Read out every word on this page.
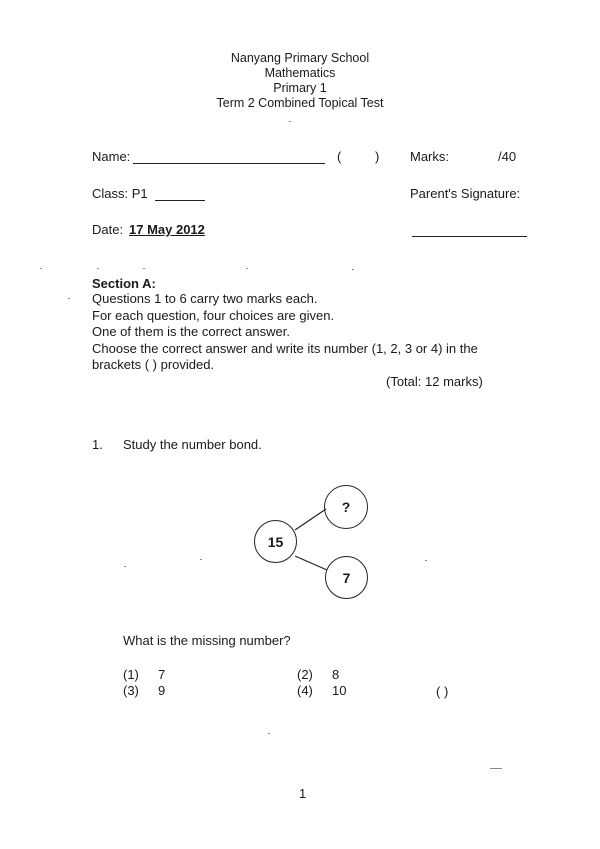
Nanyang Primary School
Mathematics
Primary 1
Term 2 Combined Topical Test
Name:	(	) Marks:	/40
Class: P1	Parent's Signature:
Date: 17 May 2012
Section A:
Questions 1 to 6 carry two marks each.
For each question, four choices are given.
One of them is the correct answer.
Choose the correct answer and write its number (1, 2, 3 or 4) in the
brackets ( ) provided.
(Total: 12 marks)
1. Study the number bond.
15
?
7
What is the missing number?
(1) 7	(2) 8
(3) 9	(4) 10	( )
1
